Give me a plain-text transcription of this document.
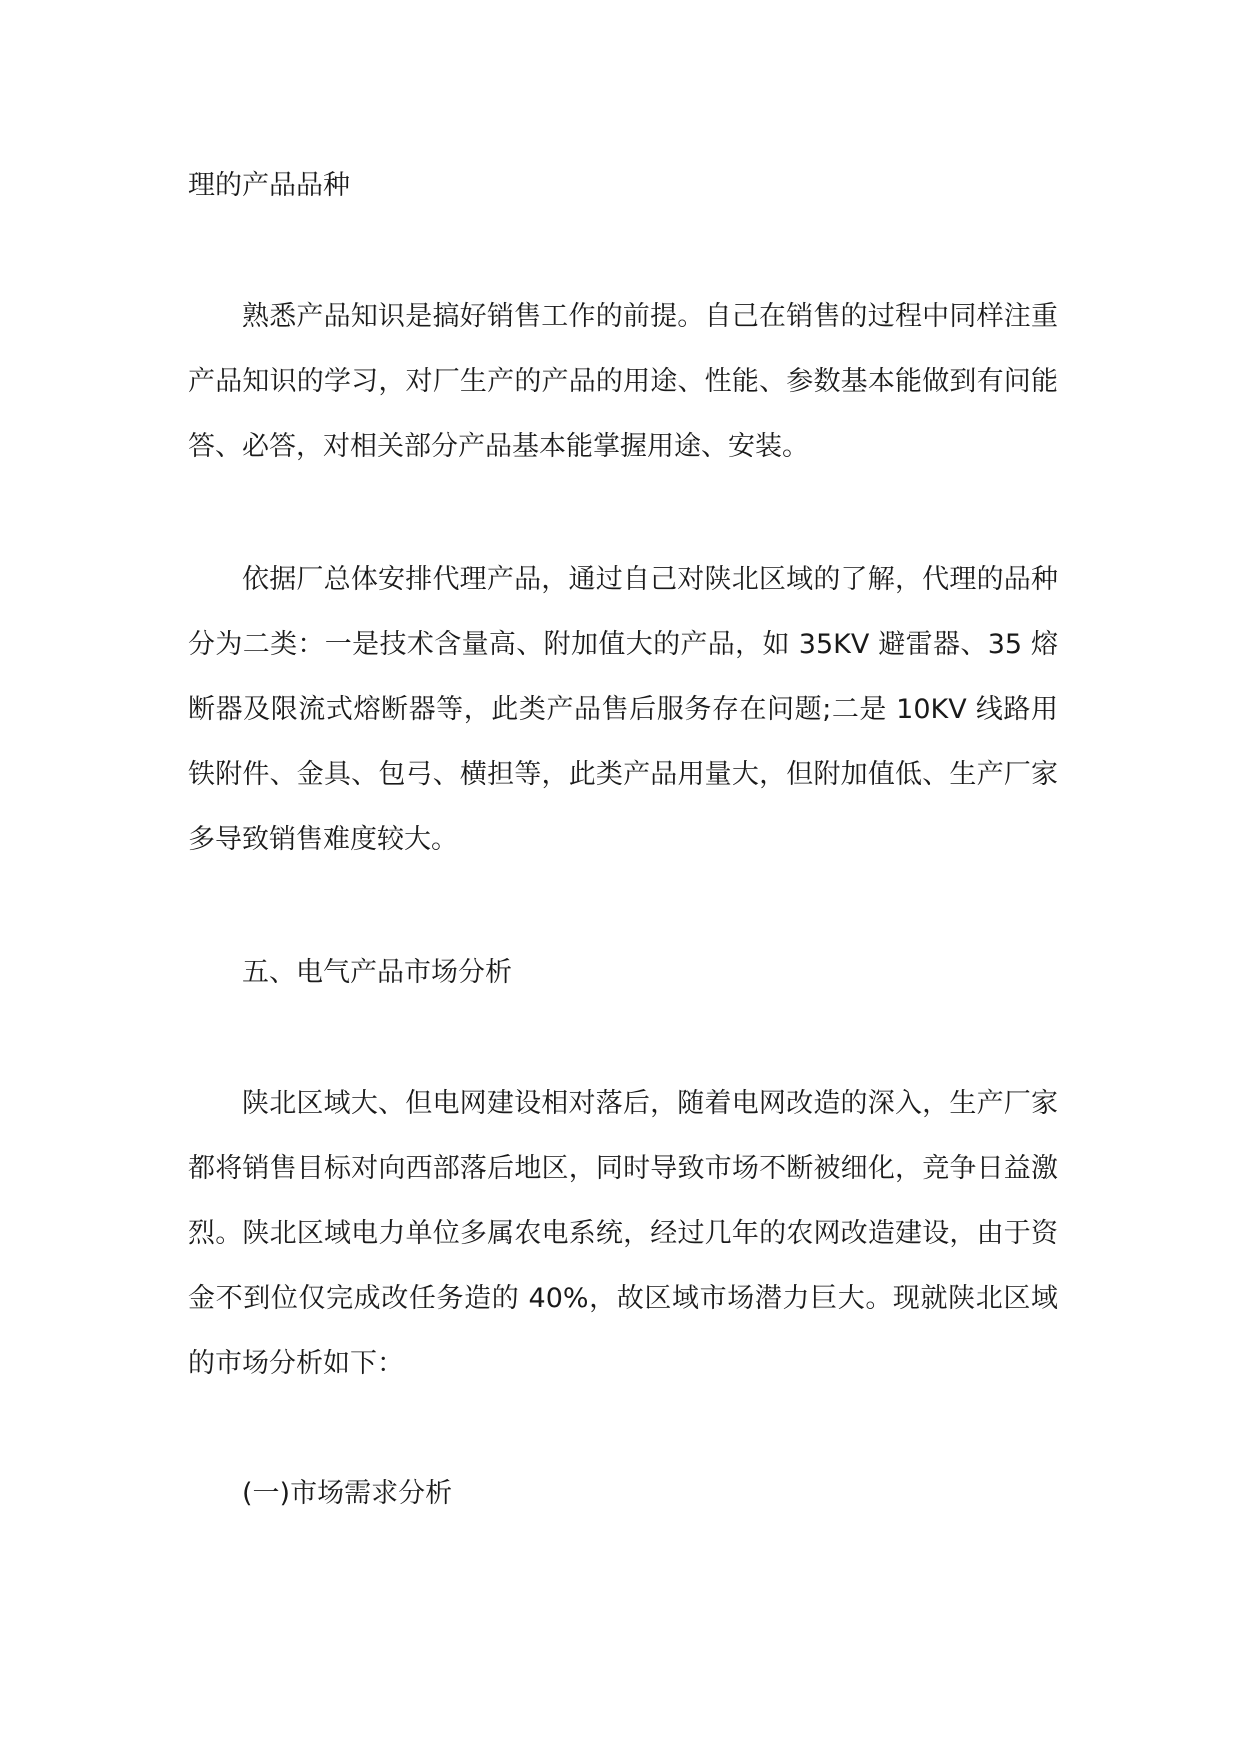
理的产品品种

熟悉产品知识是搞好销售工作的前提。自己在销售的过程中同样注重产品知识的学习，对厂生产的产品的用途、性能、参数基本能做到有问能答、必答，对相关部分产品基本能掌握用途、安装。

依据厂总体安排代理产品，通过自己对陕北区域的了解，代理的品种分为二类：一是技术含量高、附加值大的产品，如 35KV 避雷器、35 熔断器及限流式熔断器等，此类产品售后服务存在问题;二是 10KV 线路用铁附件、金具、包弓、横担等，此类产品用量大，但附加值低、生产厂家多导致销售难度较大。

五、电气产品市场分析

陕北区域大、但电网建设相对落后，随着电网改造的深入，生产厂家都将销售目标对向西部落后地区，同时导致市场不断被细化，竞争日益激烈。陕北区域电力单位多属农电系统，经过几年的农网改造建设，由于资金不到位仅完成改任务造的 40%，故区域市场潜力巨大。现就陕北区域的市场分析如下：

(一)市场需求分析
